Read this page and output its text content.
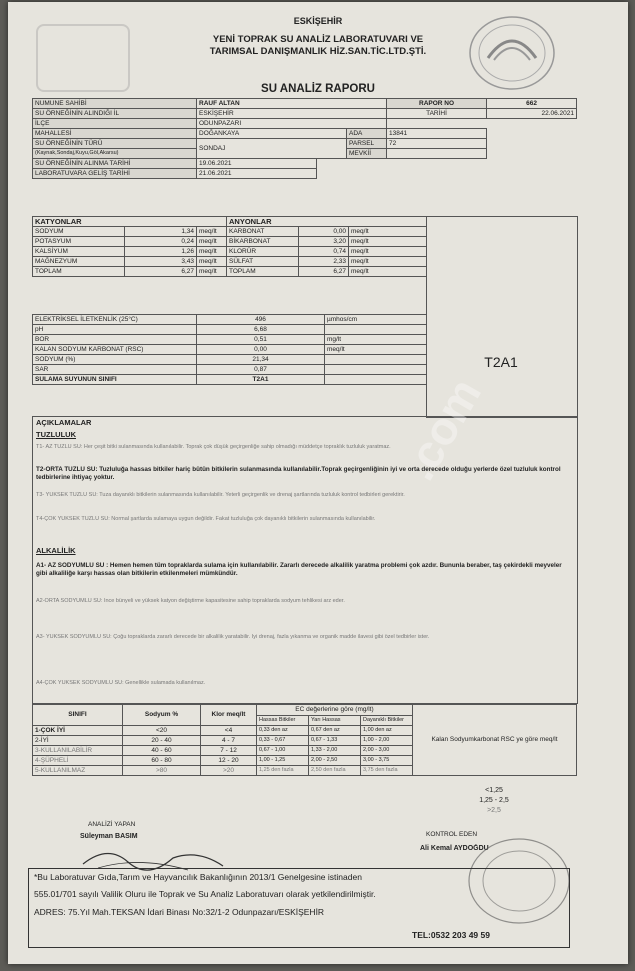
ESKİŞEHİR
YENİ TOPRAK SU ANALİZ LABORATUVARI VE
TARIMSAL DANIŞMANLIK HİZ.SAN.TİC.LTD.ŞTİ.
SU ANALİZ RAPORU
NUMUNE SAHİBİ	RAUF ALTAN			RAPOR NO	662
SU ÖRNEĞİNİN ALINDIĞI İL	ESKİŞEHİR			TARİHİ	22.06.2021
İLÇE	ODUNPAZARI				
MAHALLESİ	DOĞANKAYA		ADA	13841	
SU ÖRNEĞİNİN TÜRÜ	SONDAJ		PARSEL	72	
(Kaynak,Sondaj,Kuyu,Göl,Akarsu)			MEVKİİ		
SU ÖRNEĞİNİN ALINMA TARİHİ	19.06.2021				
LABORATUVARA GELİŞ TARİHİ	21.06.2021				
KATYONLAR			ANYONLAR		
SODYUM	1,34	meq/lt	KARBONAT	0,00	meq/lt
POTASYUM	0,24	meq/lt	BİKARBONAT	3,20	meq/lt
KALSİYUM	1,26	meq/lt	KLORÜR	0,74	meq/lt
MAĞNEZYUM	3,43	meq/lt	SÜLFAT	2,33	meq/lt
TOPLAM	6,27	meq/lt	TOPLAM	6,27	meq/lt
ELEKTRİKSEL İLETKENLİK (25°C)	496	µmhos/cm
pH	6,68	
BOR	0,51	mg/lt
KALAN SODYUM KARBONAT (RSC)	0,00	meq/lt
SODYUM (%)	21,34	
SAR	0,87	
SULAMA SUYUNUN SINIFI	T2A1	
T2A1
AÇIKLAMALAR
TUZLULUK
T1- AZ TUZLU SU: Her çeşit bitki sulanmasında kullanılabilir. Toprak çok düşük geçirgenliğe sahip olmadığı müddetçe topraklık tuzluluk yaratmaz.
T2-ORTA TUZLU SU: Tuzluluğa hassas bitkiler hariç bütün bitkilerin sulanmasında kullanılabilir.Toprak geçirgenliğinin iyi ve orta derecede olduğu yerlerde özel tuzluluk kontrol tedbirlerine ihtiyaç yoktur.
T3- YÜKSEK TUZLU SU: Tuza dayanıklı bitkilerin sulanmasında kullanılabilir. Yeterli geçirgenlik ve drenaj şartlarında tuzluluk kontrol tedbirleri gerektirir.
T4-ÇOK YÜKSEK TUZLU SU: Normal şartlarda sulamaya uygun değildir. Fakat tuzluluğa çok dayanıklı bitkilerin sulanmasında kullanılabilir.
ALKALİLİK
A1- AZ SODYUMLU SU : Hemen hemen tüm topraklarda sulama için kullanılabilir. Zararlı derecede alkalilik yaratma problemi çok azdır. Bununla beraber, taş çekirdekli meyveler gibi alkaliliğe karşı hassas olan bitkilerin etkilenmeleri mümkündür.
A2-ORTA SODYUMLU SU: İnce bünyeli ve yüksek katyon değiştirme kapasitesine sahip topraklarda sodyum tehlikesi arz eder.
A3- YÜKSEK SODYUMLU SU: Çoğu topraklarda zararlı derecede bir alkalilik yaratabilir. İyi drenaj, fazla yıkanma ve organik madde ilavesi gibi özel tedbirler ister.
A4-ÇOK YÜKSEK SODYUMLU SU: Genellikle sulamada kullanılmaz.
SINIFI	Sodyum %	Klor meq/lt	EC değerlerine göre (mg/lt)			Kalan Sodyumkarbonat RSC ye göre meq/lt
			Hassas Bitkiler	Yarı Hassas	Dayanıklı Bitkiler	
1-ÇOK İYİ	<20	<4	0,33 den az	0,67 den az	1,00 den az	
2-İYİ	20 - 40	4 - 7	0,33 - 0,67	0,67 - 1,33	1,00 - 2,00	
3-KULLANILABİLİR	40 - 60	7 - 12	0,67 - 1,00	1,33 - 2,00	2,00 - 3,00	
4-ŞÜPHELİ	60 - 80	12 - 20	1,00 - 1,25	2,00 - 2,50	3,00 - 3,75	
5-KULLANILMAZ	>80	>20	1,25 den fazla	2,50 den fazla	3,75 den fazla	
<1,25
1,25 - 2,5
>2,5
ANALİZİ YAPAN
Süleyman BASIM	KONTROL EDEN
Ali Kemal AYDOĞDU
*Bu Laboratuvar Gıda,Tarım ve Hayvancılık Bakanlığının 2013/1 Genelgesine istinaden
555.01/701 sayılı Valilik Oluru ile Toprak ve Su Analiz Laboratuvarı olarak yetkilendirilmiştir.
ADRES: 75.Yıl Mah.TEKSAN İdari Binası No:32/1-2 Odunpazarı/ESKİŞEHİR
TEL:0532 203 49 59
.com
